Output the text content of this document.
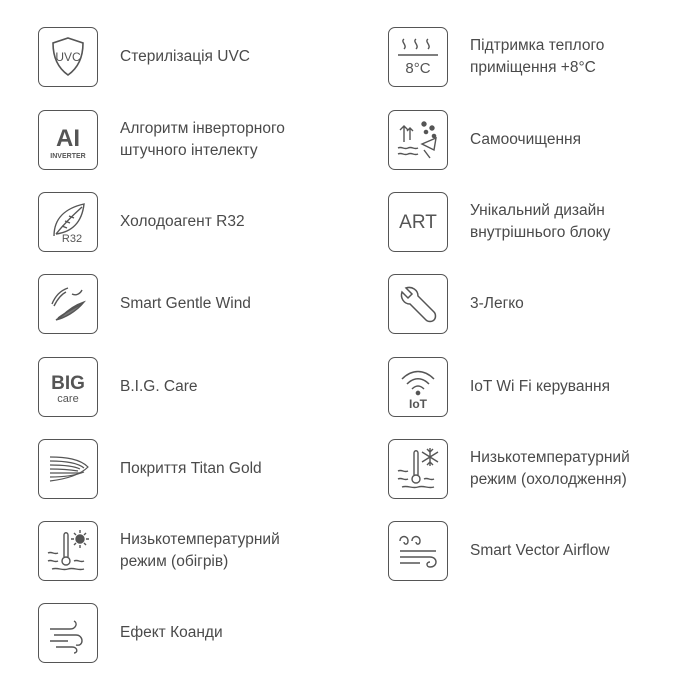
UVC	Стерилізація UVC
AI
INVERTER
Алгоритм інверторного
штучного інтелекту
R32
Холодоагент R32
Smart Gentle Wind
BIG
care
B.I.G. Care
Покриття Titan Gold
Низькотемпературний
режим (обігрів)
Ефект Коанди
8°C
Підтримка теплого
приміщення +8°C
Самоочищення
ART
Унікальний дизайн
внутрішнього блоку
3-Легко
IoT
IoT Wi Fi керування
Низькотемпературний
режим (охолодження)
Smart Vector Airflow
